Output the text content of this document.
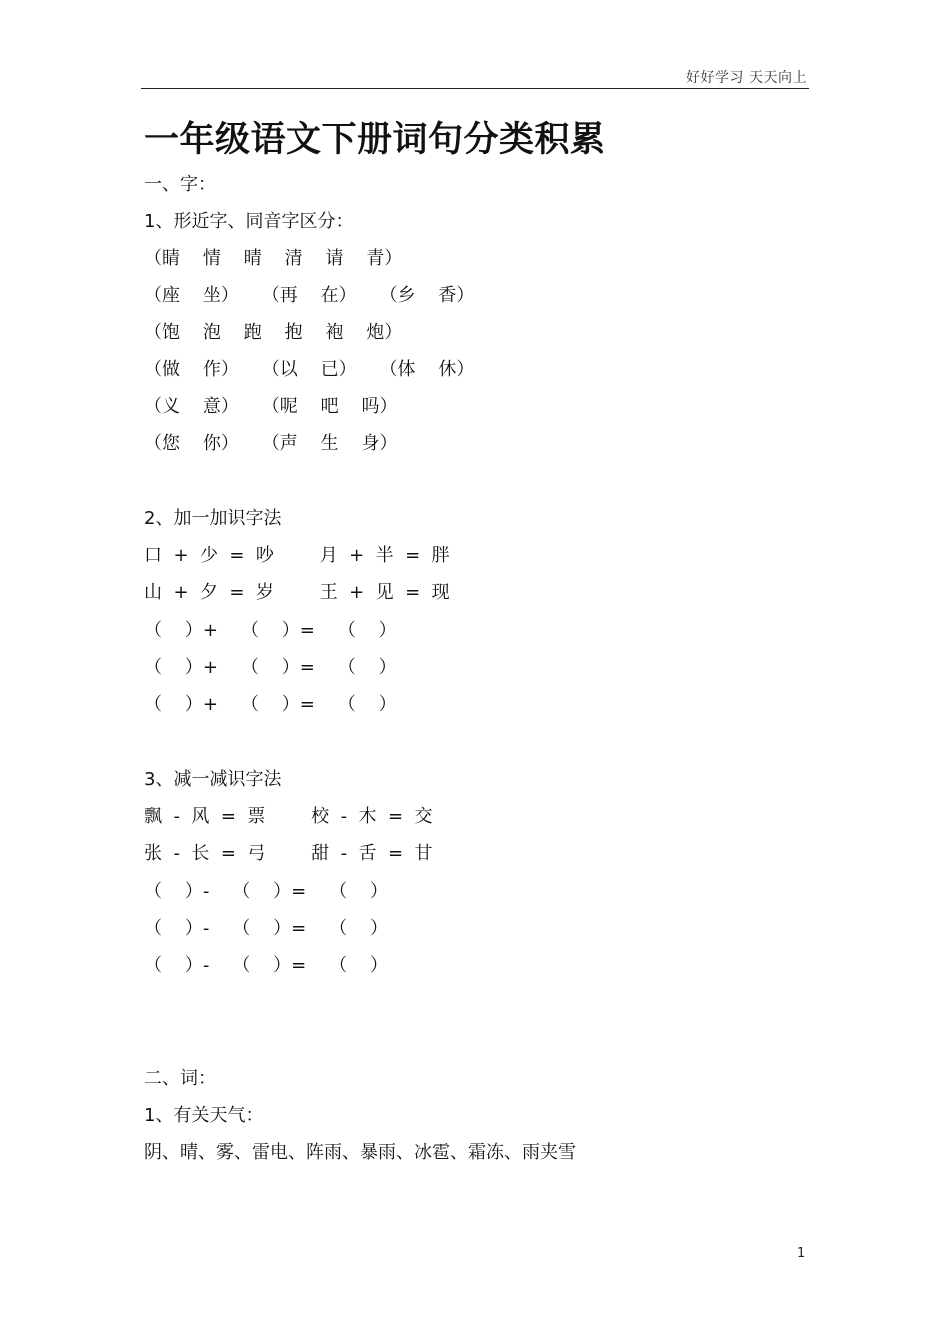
好好学习 天天向上
一年级语文下册词句分类积累
一、字：
1、形近字、同音字区分：
（睛    情    晴    清    请    青）
（座    坐）    （再    在）    （乡    香）
（饱    泡    跑    抱    袍    炮）
（做    作）    （以    已）    （体    休）
（义    意）    （呢    吧    吗）
（您    你）    （声    生    身）
2、加一加识字法
口  +  少  =  吵        月  +  半  =  胖
山  +  夕  =  岁        王  +  见  =  现
（    ）+    （    ）=    （    ）
（    ）+    （    ）=    （    ）
（    ）+    （    ）=    （    ）
3、减一减识字法
飘  -  风  =  票        校  -  木  =  交
张  -  长  =  弓        甜  -  舌  =  甘
（    ）-    （    ）=    （    ）
（    ）-    （    ）=    （    ）
（    ）-    （    ）=    （    ）
二、词：
1、有关天气：
阴、晴、雾、雷电、阵雨、暴雨、冰雹、霜冻、雨夹雪
1
